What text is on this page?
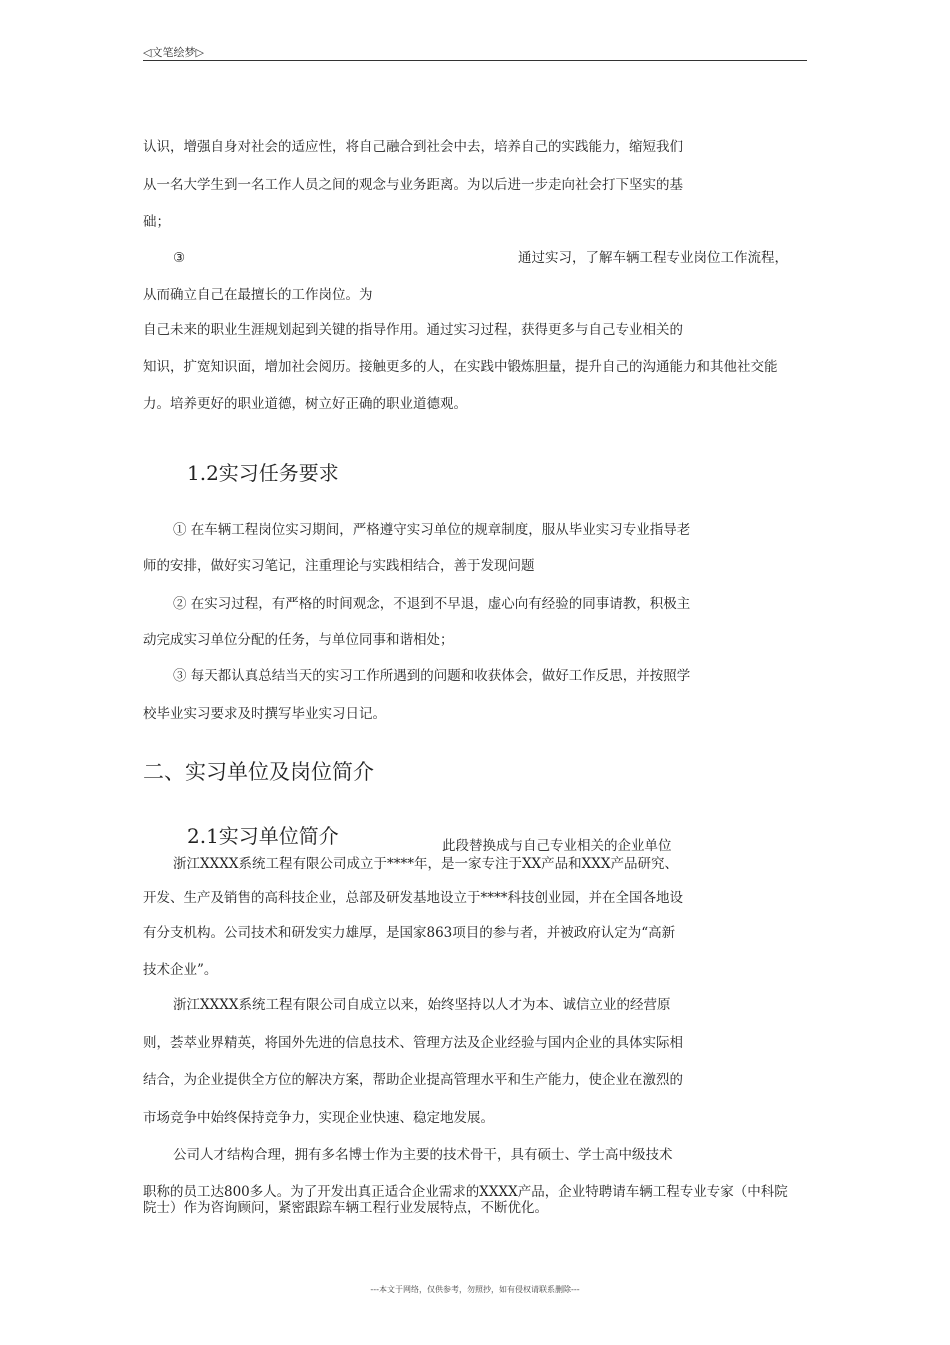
◁文笔绘梦▷
认识，增强自身对社会的适应性，将自己融合到社会中去，培养自己的实践能力，缩短我们
从一名大学生到一名工作人员之间的观念与业务距离。为以后进一步走向社会打下坚实的基
础；
③	通过实习，了解车辆工程专业岗位工作流程，
从而确立自己在最擅长的工作岗位。为
自己未来的职业生涯规划起到关键的指导作用。通过实习过程，获得更多与自己专业相关的
知识，扩宽知识面，增加社会阅历。接触更多的人，在实践中锻炼胆量，提升自己的沟通能力和其他社交能
力。培养更好的职业道德，树立好正确的职业道德观。
1.2实习任务要求
① 在车辆工程岗位实习期间，严格遵守实习单位的规章制度，服从毕业实习专业指导老
师的安排，做好实习笔记，注重理论与实践相结合，善于发现问题
② 在实习过程，有严格的时间观念，不退到不早退，虚心向有经验的同事请教，积极主
动完成实习单位分配的任务，与单位同事和谐相处；
③ 每天都认真总结当天的实习工作所遇到的问题和收获体会，做好工作反思，并按照学
校毕业实习要求及时撰写毕业实习日记。
二、实习单位及岗位简介
2.1实习单位简介	此段替换成与自己专业相关的企业单位
浙江XXXX系统工程有限公司成立于****年，是一家专注于XX产品和XXX产品研究、
开发、生产及销售的高科技企业，总部及研发基地设立于****科技创业园，并在全国各地设
有分支机构。公司技术和研发实力雄厚，是国家863项目的参与者，并被政府认定为“高新
技术企业”。
浙江XXXX系统工程有限公司自成立以来，始终坚持以人才为本、诚信立业的经营原
则，荟萃业界精英，将国外先进的信息技术、管理方法及企业经验与国内企业的具体实际相
结合，为企业提供全方位的解决方案，帮助企业提高管理水平和生产能力，使企业在激烈的
市场竞争中始终保持竞争力，实现企业快速、稳定地发展。
公司人才结构合理，拥有多名博士作为主要的技术骨干，具有硕士、学士高中级技术
职称的员工达800多人。为了开发出真正适合企业需求的XXXX产品，企业特聘请车辆工程专业专家（中科院
院士）作为咨询顾问，紧密跟踪车辆工程行业发展特点，不断优化。
---本文于网络，仅供参考，勿照抄，如有侵权请联系删除---
